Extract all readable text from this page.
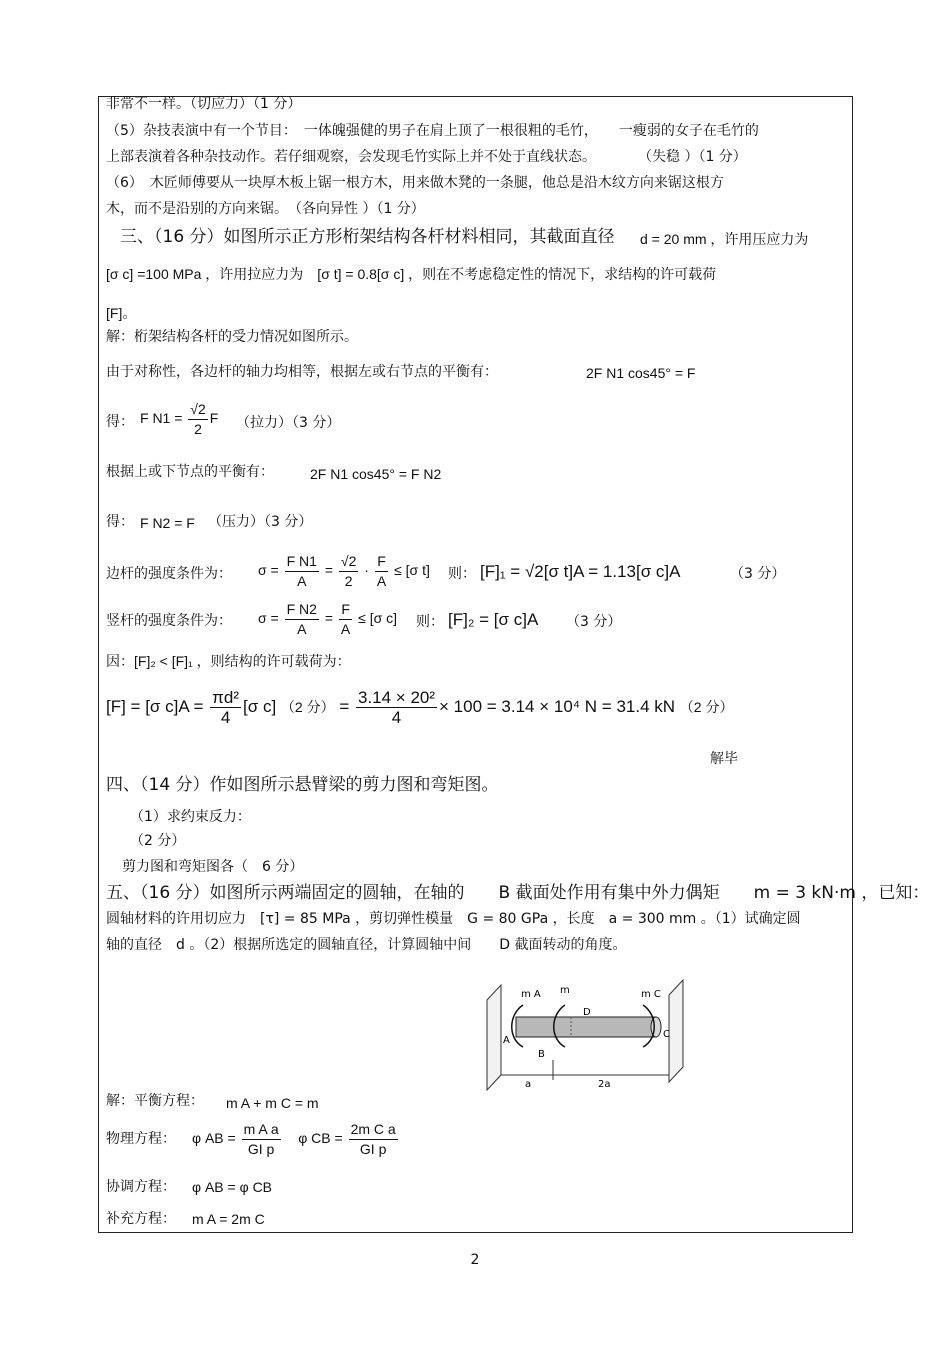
非常不一样。（切应力）（1 分）
（5）杂技表演中有一个节目：　一体魄强健的男子在肩上顶了一根很粗的毛竹，　　一瘦弱的女子在毛竹的
上部表演着各种杂技动作。若仔细观察，会发现毛竹实际上并不处于直线状态。　　　　（失稳 ）（1 分）
（6）　木匠师傅要从一块厚木板上锯一根方木，用来做木凳的一条腿，他总是沿木纹方向来锯这根方
木，而不是沿别的方向来锯。　（各向异性 ）（1 分）
三、（16 分）如图所示正方形桁架结构各杆材料相同，其截面直径 d = 20 mm ，许用压应力为
[σ c] =100 MPa ，许用拉应力为　[σ t] = 0.8[σ c] ，则在不考虑稳定性的情况下，求结构的许可载荷
[F]。
解：桁架结构各杆的受力情况如图所示。
由于对称性，各边杆的轴力均相等，根据左或右节点的平衡有：	2F N1 cos45° = F
得： F $N1 = \frac{√2}{2}$ F （拉力）（3 分）
根据上或下节点的平衡有：	2F N1 cos45° = F N2
得： F N2 = F （压力）（3 分）
边杆的强度条件为： $\sigma = \frac{\text{F N1}}{A} = \frac{√2}{2} \cdot \frac{F}{A} \le [\sigma$ t] 则： [F]₁ = √2[σ t]A = 1.13[σ c]A	（3 分）
竖杆的强度条件为： $\sigma = \frac{\text{F N2}}{A} = \frac{F}{A} \le [\sigma$ c] 则： [F]₂ = [σ c]A （3 分）
因：[F]₂ < [F]₁ ，则结构的许可载荷为：
[F] = [σ $c]A = \frac{\text{πd²}}{4} [\sigma$ c] （2 分） = $\frac{\text{3.14 × 20²}}{4} \times 100 = 3.14 \times 10^4$ N = 31.4 kN （2 分）
解毕
四、（14 分）作如图所示悬臂梁的剪力图和弯矩图。
（1）求约束反力：
（2 分）
剪力图和弯矩图各（　6 分）
五、（16 分）如图所示两端固定的圆轴，在轴的　　B 截面处作用有集中外力偶矩　　m = 3 kN·m ，已知：
圆轴材料的许用切应力　[τ] = 85 MPa ，剪切弹性模量　G = 80 GPa ，长度　a = 300 mm 。（1）试确定圆
轴的直径　d 。（2）根据所选定的圆轴直径，计算圆轴中间　　D 截面转动的角度。
m A m	m C
D
A
B
C
a	2a
解：平衡方程： m A + m C = m
物理方程： φ AB = $\frac{\text{m A a}}{\text{GI p}}$ φ CB = $\frac{\text{2m C a}}{\text{GI p}}$
协调方程： φ AB = φ CB
补充方程： m A = 2m C
2
